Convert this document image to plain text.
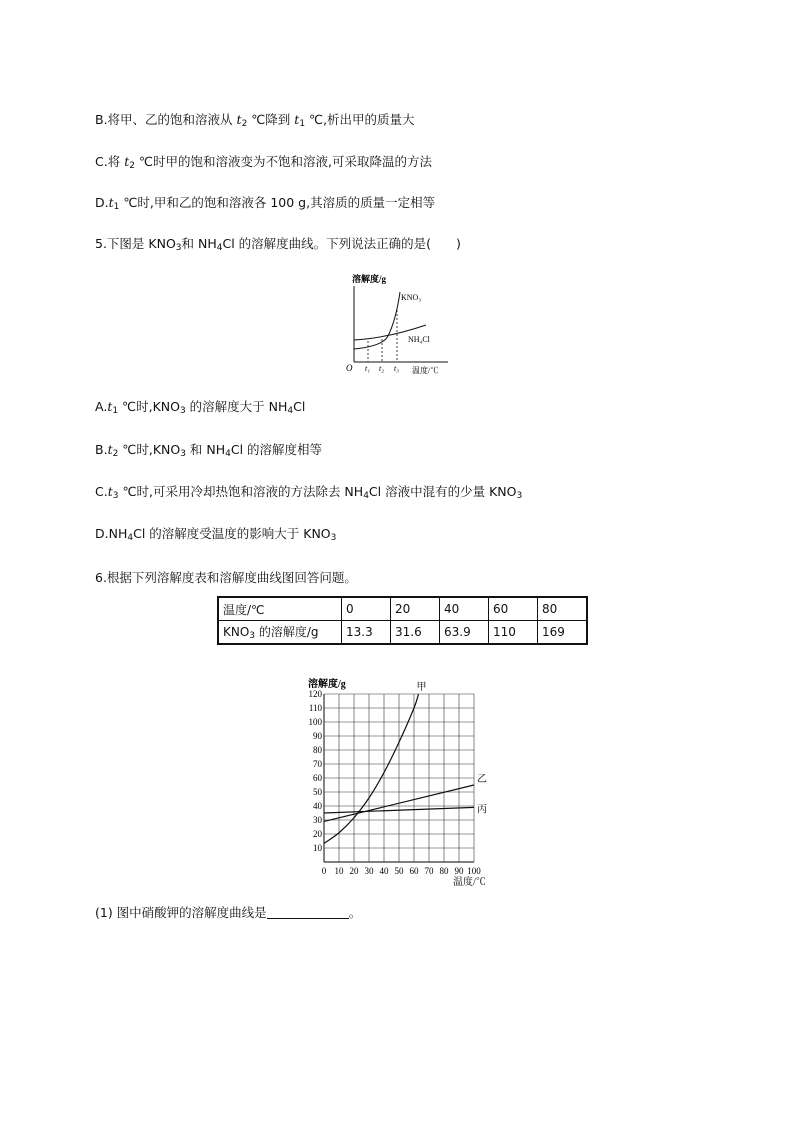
B.将甲、乙的饱和溶液从 $t_2$ ℃降到 $t_1$ ℃,析出甲的质量大
C.将 $t_2$ ℃时甲的饱和溶液变为不饱和溶液,可采取降温的方法
$D.t_1$ ℃时,甲和乙的饱和溶液各 100 g,其溶质的质量一定相等
5.下图是 $KNO_3$和 $NH_4Cl$ 的溶解度曲线。下列说法正确的是(　　)
溶解度/g
O
NH₄Cl
KNO₃
t₁ t₂ t₃ 温度/℃
$A.t_1$ ℃时$,KNO_3$ 的溶解度大于 $NH_4Cl$
$B.t_2$ ℃时$,KNO_3$ 和 $NH_4Cl$ 的溶解度相等
$C.t_3$ ℃时,可采用冷却热饱和溶液的方法除去 $NH_4Cl$ 溶液中混有的少量 $KNO_3$
$D.NH_4Cl$ 的溶解度受温度的影响大于 $KNO_3$
6.根据下列溶解度表和溶解度曲线图回答问题。
温度/℃	0	20	40	60	80
$KNO_3$ 的溶解度/g	13.3	31.6	63.9	110	169
溶解度/g
温度/℃
甲
乙
丙
0 10 20 30 40 50 60 70 80 90 100
10
20
30
40
50
60
70
80
90
100
110
120
(1) 图中硝酸钾的溶解度曲线是	。
